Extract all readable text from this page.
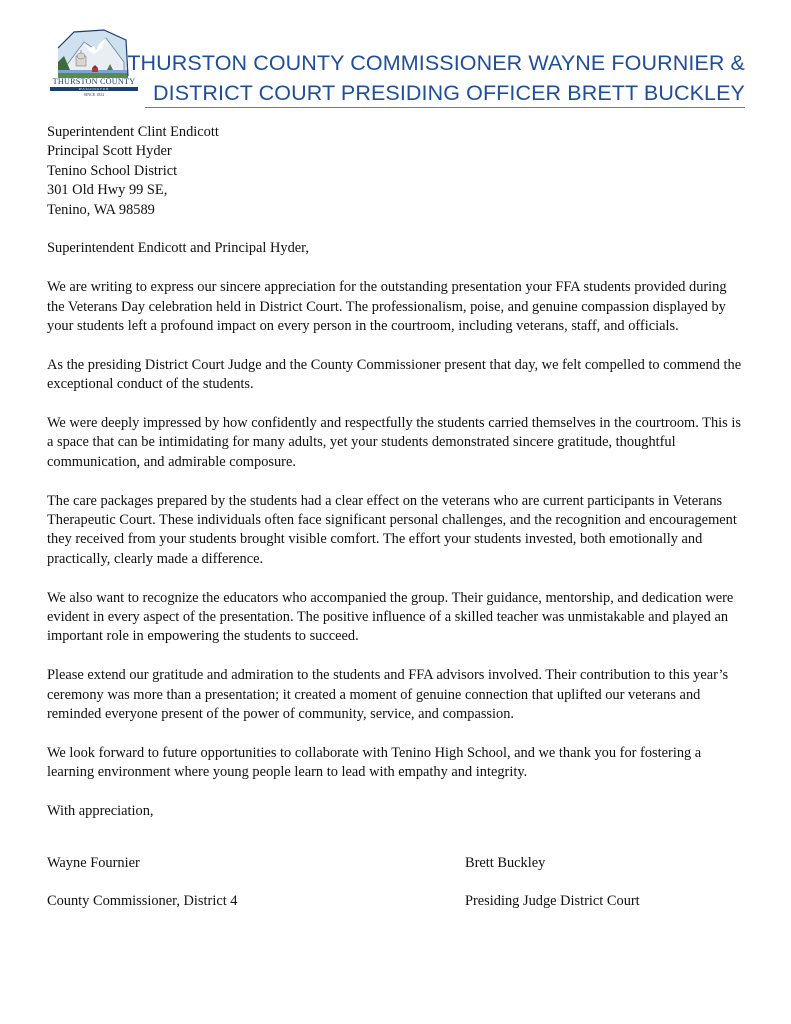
THURSTON COUNTY
WASHINGTON
SINCE 1852
THURSTON COUNTY COMMISSIONER WAYNE FOURNIER &
DISTRICT COURT PRESIDING OFFICER BRETT BUCKLEY
Superintendent Clint Endicott
Principal Scott Hyder
Tenino School District
301 Old Hwy 99 SE,
Tenino, WA 98589

Superintendent Endicott and Principal Hyder,

We are writing to express our sincere appreciation for the outstanding presentation your FFA students provided during the Veterans Day celebration held in District Court. The professionalism, poise, and genuine compassion displayed by your students left a profound impact on every person in the courtroom, including veterans, staff, and officials.

As the presiding District Court Judge and the County Commissioner present that day, we felt compelled to commend the exceptional conduct of the students.

We were deeply impressed by how confidently and respectfully the students carried themselves in the courtroom. This is a space that can be intimidating for many adults, yet your students demonstrated sincere gratitude, thoughtful communication, and admirable composure.

The care packages prepared by the students had a clear effect on the veterans who are current participants in Veterans Therapeutic Court. These individuals often face significant personal challenges, and the recognition and encouragement they received from your students brought visible comfort. The effort your students invested, both emotionally and practically, clearly made a difference.

We also want to recognize the educators who accompanied the group. Their guidance, mentorship, and dedication were evident in every aspect of the presentation. The positive influence of a skilled teacher was unmistakable and played an important role in empowering the students to succeed.

Please extend our gratitude and admiration to the students and FFA advisors involved. Their contribution to this year’s ceremony was more than a presentation; it created a moment of genuine connection that uplifted our veterans and reminded everyone present of the power of community, service, and compassion.

We look forward to future opportunities to collaborate with Tenino High School, and we thank you for fostering a learning environment where young people learn to lead with empathy and integrity.

With appreciation,

Wayne Fournier
County Commissioner, District 4
Brett Buckley
Presiding Judge District Court
